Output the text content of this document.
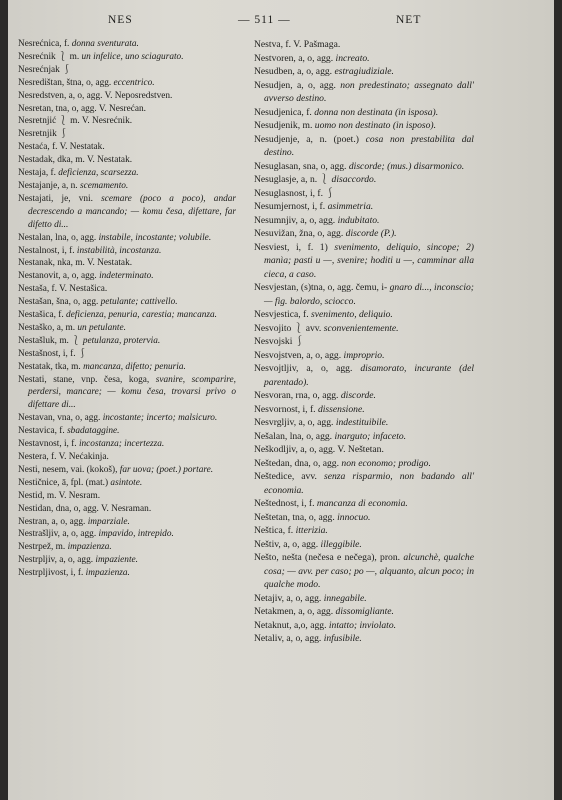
NES	— 511 —	NET

Nesrećnica, f. donna sventurata.

Nesrećnik ⎱ m. un infelice, uno sciagurato.

Nesrećnjak ⎰

Nesredištan, štna, o, agg. eccentrico.

Nesredstven, a, o, agg. V. Neposredstven.

Nesretan, tna, o, agg. V. Nesrećan.

Nesretnjić ⎱ m. V. Nesrećnik.

Nesretnjik ⎰

Nestaća, f. V. Nestatak.

Nestadak, dka, m. V. Nestatak.

Nestaja, f. deficienza, scarsezza.

Nestajanje, a, n. scemamento.

Nestajati, je, vni. scemare (poco a poco), andar decrescendo a mancando; — komu česa, difettare, far difetto di...

Nestalan, lna, o, agg. instabile, incostante; volubile.

Nestalnost, i, f. instabilità, incostanza.

Nestanak, nka, m. V. Nestatak.

Nestanovit, a, o, agg. indeterminato.

Nestaša, f. V. Nestašica.

Nestašan, šna, o, agg. petulante; cattivello.

Nestašica, f. deficienza, penuria, carestia; mancanza.

Nestaško, a, m. un petulante.

Nestašluk, m. ⎱ petulanza, protervia.

Nestašnost, i, f. ⎰

Nestatak, tka, m. mancanza, difetto; penuria.

Nestati, stane, vnp. česa, koga, svanire, scomparire, perdersi, mancare; — komu česa, trovarsi privo o difettare di...

Nestavan, vna, o, agg. incostante; incerto; malsicuro.

Nestavica, f. sbadataggine.

Nestavnost, i, f. incostanza; incertezza.

Nestera, f. V. Nećakinja.

Nesti, nesem, vai. (kokoš), far uova; (poet.) portare.

Nestičnice, ā, fpl. (mat.) asintote.

Nestid, m. V. Nesram.

Nestidan, dna, o, agg. V. Nesraman.

Nestran, a, o, agg. imparziale.

Nestrašljiv, a, o, agg. impavido, intrepido.

Nestrpež, m. impazienza.

Nestrpljiv, a, o, agg. impaziente.

Nestrpljivost, i, f. impazienza.

Nestva, f. V. Pašmaga.

Nestvoren, a, o, agg. increato.

Nesudben, a, o, agg. estragiudiziale.

Nesudjen, a, o, agg. non predestinato; assegnato dall' avverso destino.

Nesudjenica, f. donna non destinata (in isposa).

Nesudjenik, m. uomo non destinato (in isposo).

Nesudjenje, a, n. (poet.) cosa non prestabilita dal destino.

Nesuglasan, sna, o, agg. discorde; (mus.) disarmonico.

Nesuglasje, a, n. ⎱ disaccordo.

Nesuglasnost, i, f. ⎰

Nesumjernost, i, f. asimmetria.

Nesumnjiv, a, o, agg. indubitato.

Nesuvižan, žna, o, agg. discorde (P.).

Nesviest, i, f. 1) svenimento, deliquio, sincope; 2) manìa; pasti u —, svenire; hoditi u —, camminar alla cieca, a caso.

Nesvjestan, (s)tna, o, agg. čemu, i- gnaro di..., inconscio; — fig. balordo, sciocco.

Nesvjestica, f. svenimento, deliquio.

Nesvojito ⎱ avv. sconvenientemente.

Nesvojski ⎰

Nesvojstven, a, o, agg. improprio.

Nesvojtljiv, a, o, agg. disamorato, incurante (del parentado).

Nesvoran, rna, o, agg. discorde.

Nesvornost, i, f. dissensione.

Nesvrgljiv, a, o, agg. indestituibile.

Nešalan, lna, o, agg. inarguto; infaceto.

Neškodljiv, a, o, agg. V. Neštetan.

Neštedan, dna, o, agg. non economo; prodigo.

Neštedice, avv. senza risparmio, non badando all' economia.

Neštednost, i, f. mancanza di economia.

Neštetan, tna, o, agg. innocuo.

Neštica, f. itterizia.

Neštiv, a, o, agg. illeggibile.

Nešto, nešta (nečesa e nečega), pron. alcunchè, qualche cosa; — avv. per caso; po —, alquanto, alcun poco; in qualche modo.

Netajiv, a, o, agg. innegabile.

Netakmen, a, o, agg. dissomigliante.

Netaknut, a,o, agg. intatto; inviolato.

Netaliv, a, o, agg. infusibile.
